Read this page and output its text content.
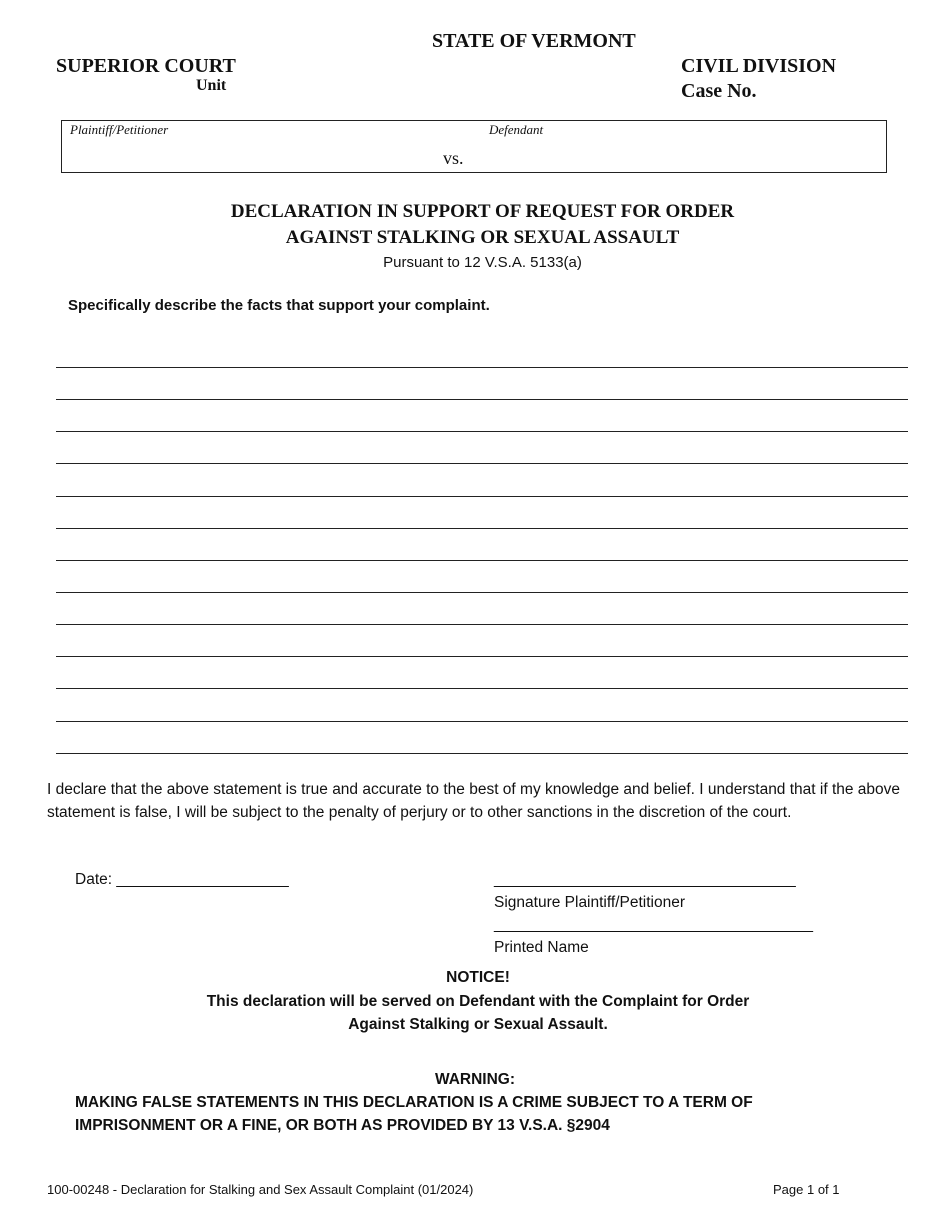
STATE OF VERMONT
SUPERIOR COURT
Unit
CIVIL DIVISION
Case No.
Plaintiff/Petitioner	Defendant
vs.
DECLARATION IN SUPPORT OF REQUEST FOR ORDER
AGAINST STALKING OR SEXUAL ASSAULT
Pursuant to 12 V.S.A. 5133(a)
Specifically describe the facts that support your complaint.
I declare that the above statement is true and accurate to the best of my knowledge and belief. I understand that if the above statement is false, I will be subject to the penalty of perjury or to other sanctions in the discretion of the court.
Date: ____________________	___________________________________
Signature Plaintiff/Petitioner
_____________________________________
Printed Name
NOTICE!
This declaration will be served on Defendant with the Complaint for Order
Against Stalking or Sexual Assault.
WARNING:
MAKING FALSE STATEMENTS IN THIS DECLARATION IS A CRIME SUBJECT TO A TERM OF
IMPRISONMENT OR A FINE, OR BOTH AS PROVIDED BY 13 V.S.A. §2904
100-00248 - Declaration for Stalking and Sex Assault Complaint (01/2024)	Page 1 of 1
